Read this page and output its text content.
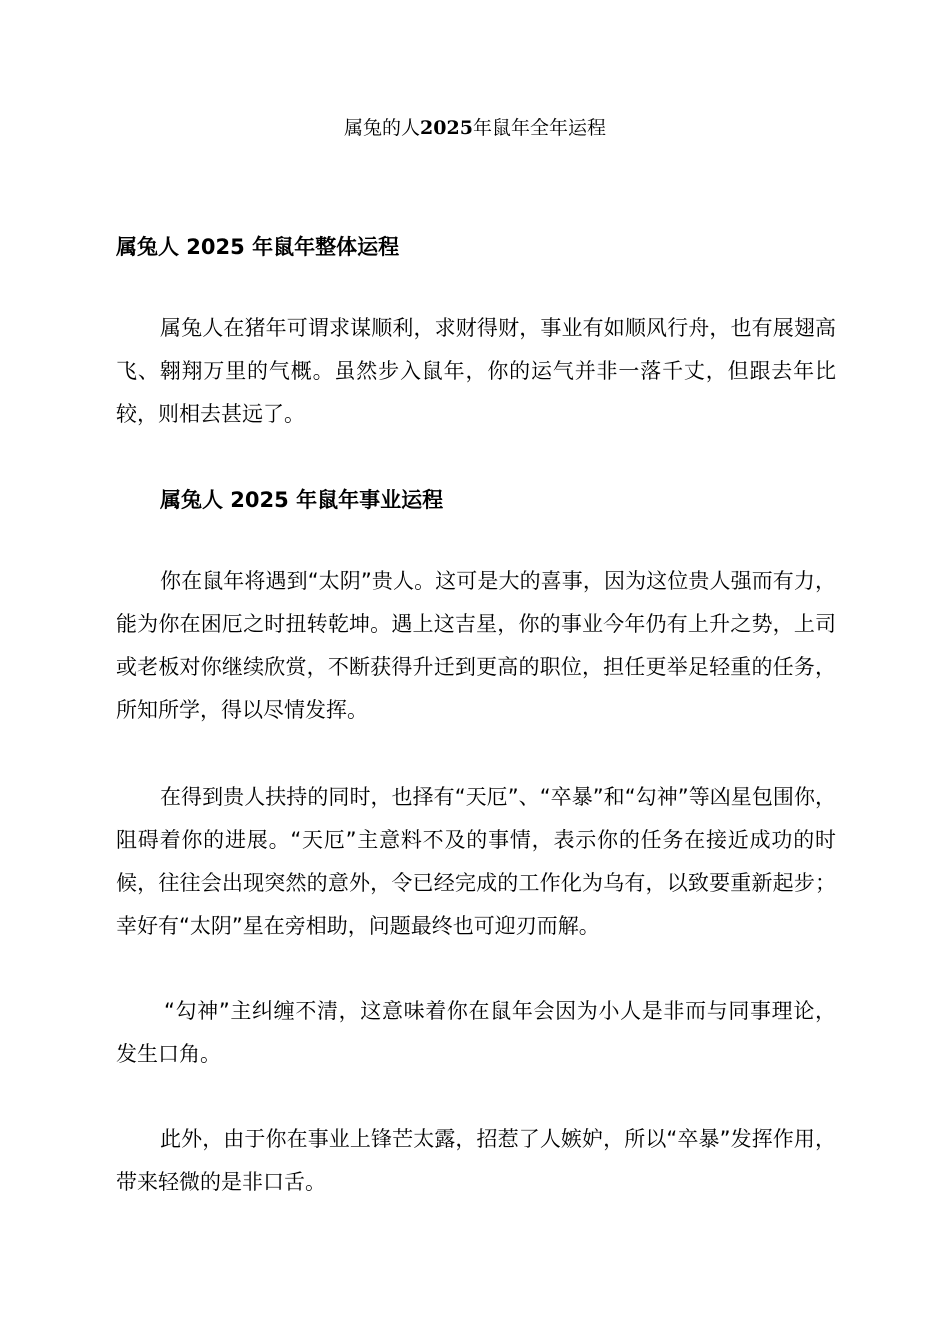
属兔的人2025年鼠年全年运程
属兔人 2025 年鼠年整体运程

属兔人在猪年可谓求谋顺利，求财得财，事业有如顺风行舟，也有展翅高飞、翱翔万里的气概。虽然步入鼠年，你的运气并非一落千丈，但跟去年比较，则相去甚远了。

属兔人 2025 年鼠年事业运程

你在鼠年将遇到“太阴”贵人。这可是大的喜事，因为这位贵人强而有力，能为你在困厄之时扭转乾坤。遇上这吉星，你的事业今年仍有上升之势，上司或老板对你继续欣赏，不断获得升迁到更高的职位，担任更举足轻重的任务，所知所学，得以尽情发挥。

在得到贵人扶持的同时，也择有“天厄”、“卒暴”和“勾神”等凶星包围你，阻碍着你的进展。“天厄”主意料不及的事情，表示你的任务在接近成功的时候，往往会出现突然的意外，令已经完成的工作化为乌有，以致要重新起步；幸好有“太阴”星在旁相助，问题最终也可迎刃而解。

“勾神”主纠缠不清，这意味着你在鼠年会因为小人是非而与同事理论，发生口角。

此外，由于你在事业上锋芒太露，招惹了人嫉妒，所以“卒暴”发挥作用，带来轻微的是非口舌。
